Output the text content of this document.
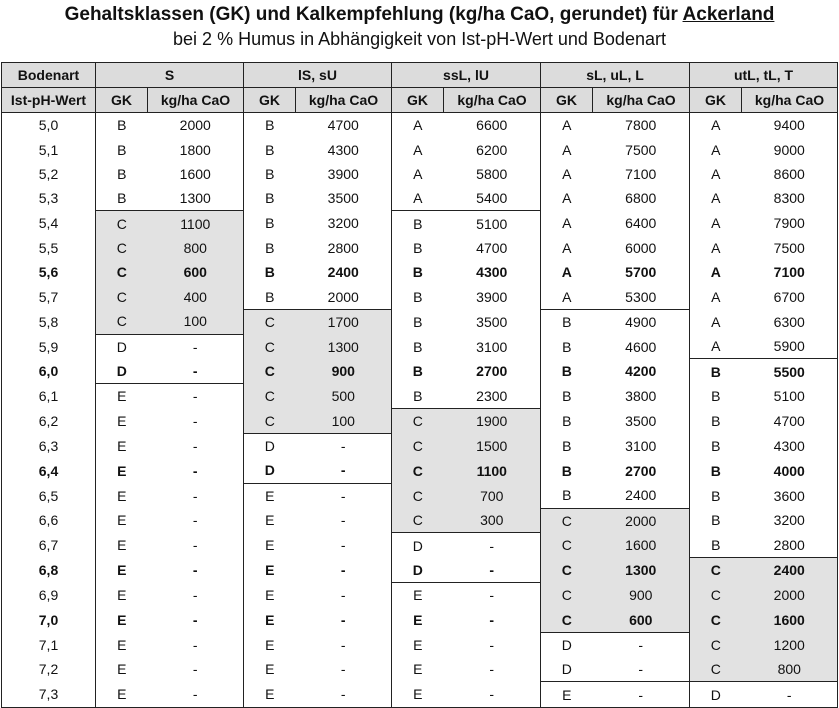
Gehaltsklassen (GK) und Kalkempfehlung (kg/ha CaO, gerundet) für Ackerland
bei 2 % Humus in Abhängigkeit von Ist-pH-Wert und Bodenart
Bodenart	S		lS, sU		ssL, lU		sL, uL, L		utL, tL, T	
Ist-pH-Wert	GK	kg/ha CaO	GK	kg/ha CaO	GK	kg/ha CaO	GK	kg/ha CaO	GK	kg/ha CaO
5,0	B	2000	B	4700	A	6600	A	7800	A	9400
5,1	B	1800	B	4300	A	6200	A	7500	A	9000
5,2	B	1600	B	3900	A	5800	A	7100	A	8600
5,3	B	1300	B	3500	A	5400	A	6800	A	8300
5,4	C	1100	B	3200	B	5100	A	6400	A	7900
5,5	C	800	B	2800	B	4700	A	6000	A	7500
5,6	C	600	B	2400	B	4300	A	5700	A	7100
5,7	C	400	B	2000	B	3900	A	5300	A	6700
5,8	C	100	C	1700	B	3500	B	4900	A	6300
5,9	D	-	C	1300	B	3100	B	4600	A	5900
6,0	D	-	C	900	B	2700	B	4200	B	5500
6,1	E	-	C	500	B	2300	B	3800	B	5100
6,2	E	-	C	100	C	1900	B	3500	B	4700
6,3	E	-	D	-	C	1500	B	3100	B	4300
6,4	E	-	D	-	C	1100	B	2700	B	4000
6,5	E	-	E	-	C	700	B	2400	B	3600
6,6	E	-	E	-	C	300	C	2000	B	3200
6,7	E	-	E	-	D	-	C	1600	B	2800
6,8	E	-	E	-	D	-	C	1300	C	2400
6,9	E	-	E	-	E	-	C	900	C	2000
7,0	E	-	E	-	E	-	C	600	C	1600
7,1	E	-	E	-	E	-	D	-	C	1200
7,2	E	-	E	-	E	-	D	-	C	800
7,3	E	-	E	-	E	-	E	-	D	-
